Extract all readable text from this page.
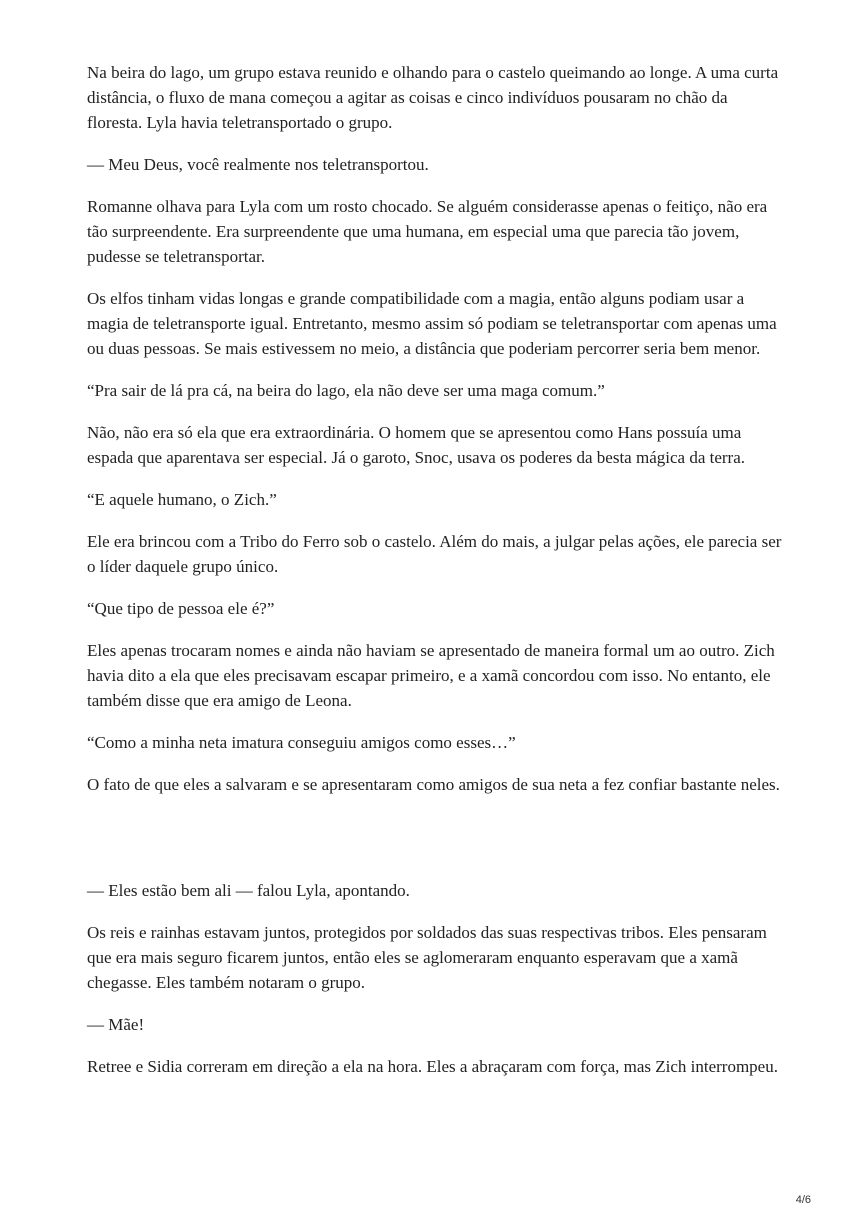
Na beira do lago, um grupo estava reunido e olhando para o castelo queimando ao longe. A uma curta distância, o fluxo de mana começou a agitar as coisas e cinco indivíduos pousaram no chão da floresta. Lyla havia teletransportado o grupo.

— Meu Deus, você realmente nos teletransportou.

Romanne olhava para Lyla com um rosto chocado. Se alguém considerasse apenas o feitiço, não era tão surpreendente. Era surpreendente que uma humana, em especial uma que parecia tão jovem, pudesse se teletransportar.

Os elfos tinham vidas longas e grande compatibilidade com a magia, então alguns podiam usar a magia de teletransporte igual. Entretanto, mesmo assim só podiam se teletransportar com apenas uma ou duas pessoas. Se mais estivessem no meio, a distância que poderiam percorrer seria bem menor.

“Pra sair de lá pra cá, na beira do lago, ela não deve ser uma maga comum.”

Não, não era só ela que era extraordinária. O homem que se apresentou como Hans possuía uma espada que aparentava ser especial. Já o garoto, Snoc, usava os poderes da besta mágica da terra.

“E aquele humano, o Zich.”

Ele era brincou com a Tribo do Ferro sob o castelo. Além do mais, a julgar pelas ações, ele parecia ser o líder daquele grupo único.

“Que tipo de pessoa ele é?”

Eles apenas trocaram nomes e ainda não haviam se apresentado de maneira formal um ao outro. Zich havia dito a ela que eles precisavam escapar primeiro, e a xamã concordou com isso. No entanto, ele também disse que era amigo de Leona.

“Como a minha neta imatura conseguiu amigos como esses…”

O fato de que eles a salvaram e se apresentaram como amigos de sua neta a fez confiar bastante neles.

— Eles estão bem ali — falou Lyla, apontando.

Os reis e rainhas estavam juntos, protegidos por soldados das suas respectivas tribos. Eles pensaram que era mais seguro ficarem juntos, então eles se aglomeraram enquanto esperavam que a xamã chegasse. Eles também notaram o grupo.

— Mãe!

Retree e Sidia correram em direção a ela na hora. Eles a abraçaram com força, mas Zich interrompeu.

4/6
